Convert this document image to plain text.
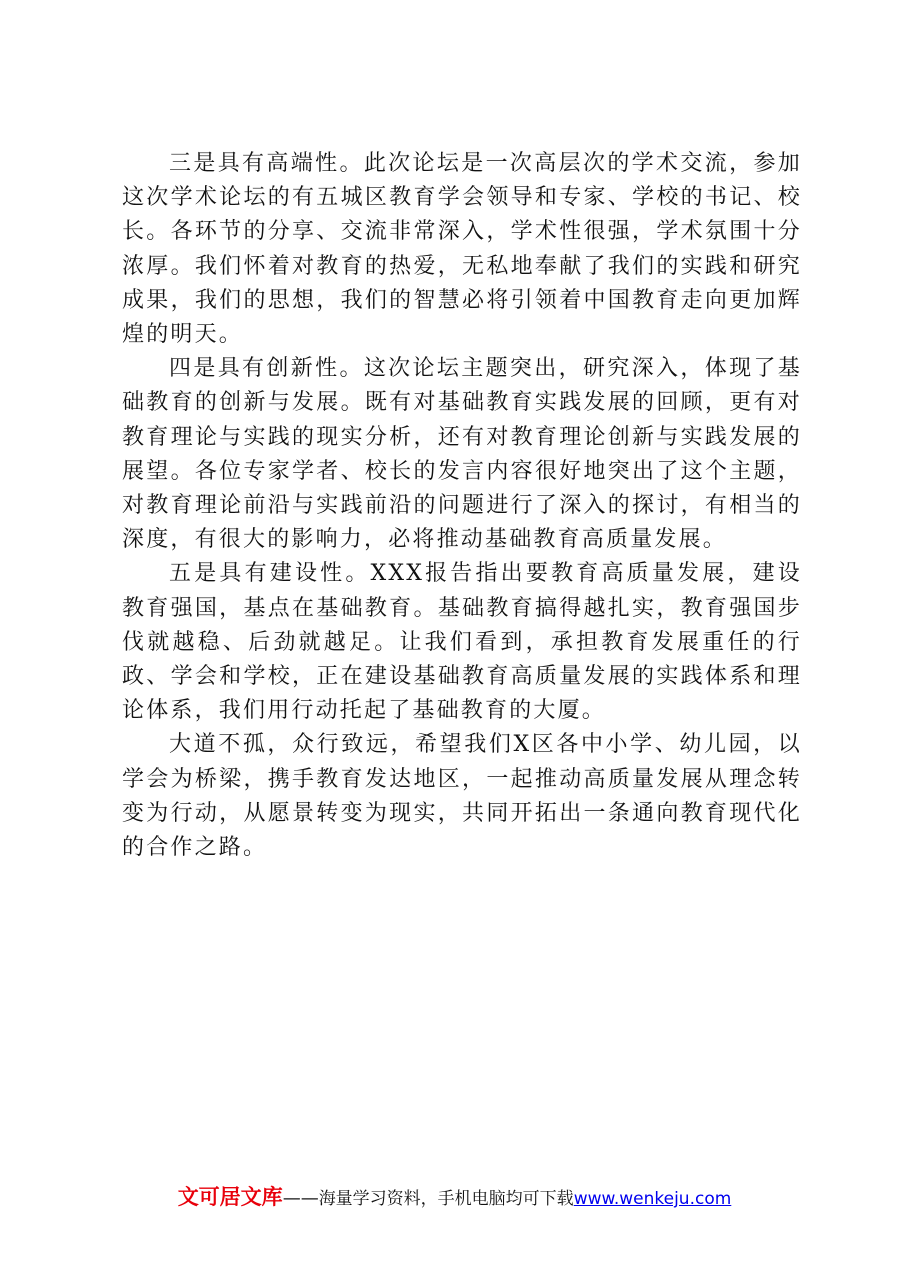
三是具有高端性。此次论坛是一次高层次的学术交流，参加这次学术论坛的有五城区教育学会领导和专家、学校的书记、校长。各环节的分享、交流非常深入，学术性很强，学术氛围十分浓厚。我们怀着对教育的热爱，无私地奉献了我们的实践和研究成果，我们的思想，我们的智慧必将引领着中国教育走向更加辉煌的明天。

四是具有创新性。这次论坛主题突出，研究深入，体现了基础教育的创新与发展。既有对基础教育实践发展的回顾，更有对教育理论与实践的现实分析，还有对教育理论创新与实践发展的展望。各位专家学者、校长的发言内容很好地突出了这个主题，对教育理论前沿与实践前沿的问题进行了深入的探讨，有相当的深度，有很大的影响力，必将推动基础教育高质量发展。

五是具有建设性。XXX报告指出要教育高质量发展，建设教育强国，基点在基础教育。基础教育搞得越扎实，教育强国步伐就越稳、后劲就越足。让我们看到，承担教育发展重任的行政、学会和学校，正在建设基础教育高质量发展的实践体系和理论体系，我们用行动托起了基础教育的大厦。

大道不孤，众行致远，希望我们X区各中小学、幼儿园，以学会为桥梁，携手教育发达地区，一起推动高质量发展从理念转变为行动，从愿景转变为现实，共同开拓出一条通向教育现代化的合作之路。

文可居文库——海量学习资料，手机电脑均可下载www.wenkeju.com
